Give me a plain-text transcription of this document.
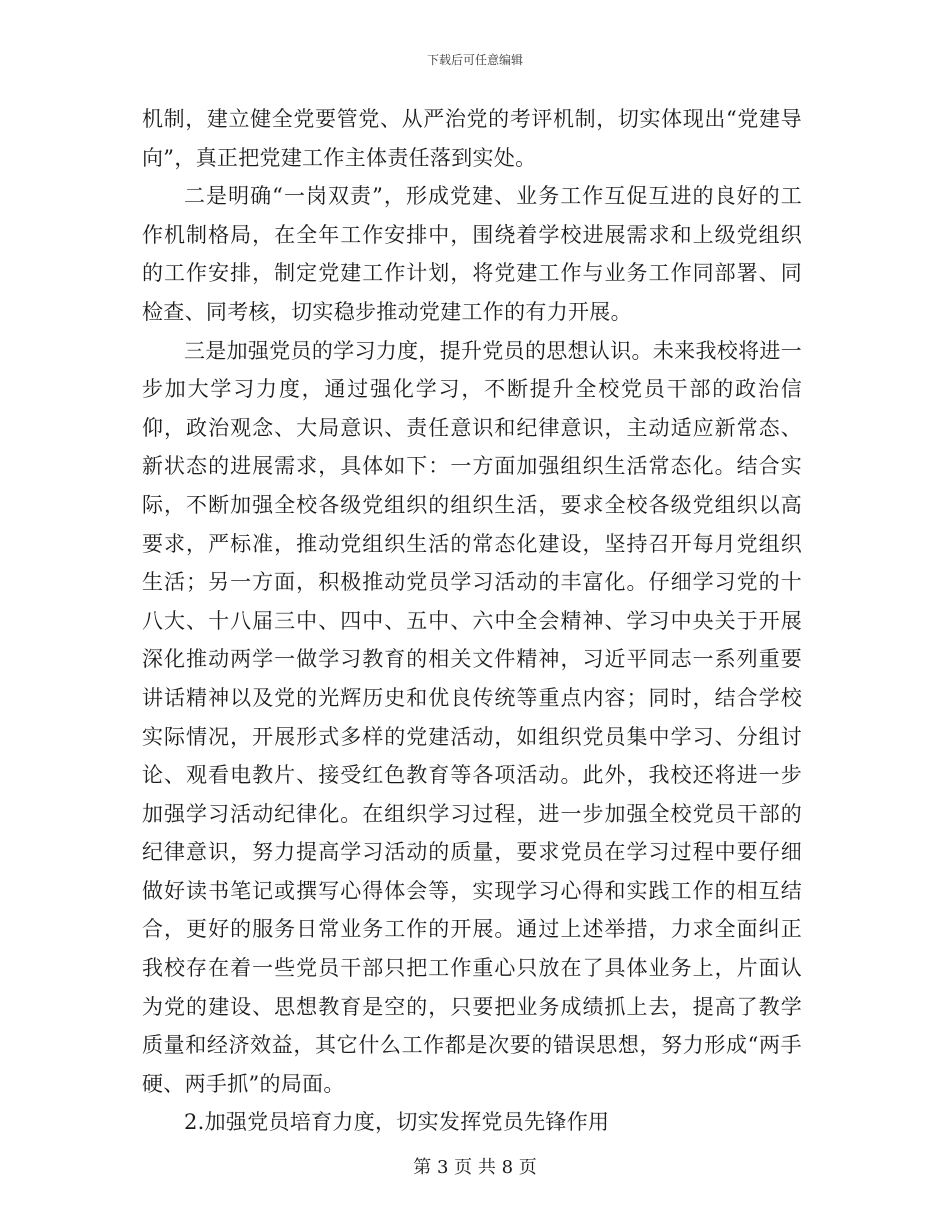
下载后可任意编辑

机制，建立健全党要管党、从严治党的考评机制，切实体现出“党建导向”，真正把党建工作主体责任落到实处。

二是明确“一岗双责”，形成党建、业务工作互促互进的良好的工作机制格局，在全年工作安排中，围绕着学校进展需求和上级党组织的工作安排，制定党建工作计划，将党建工作与业务工作同部署、同检查、同考核，切实稳步推动党建工作的有力开展。

三是加强党员的学习力度，提升党员的思想认识。未来我校将进一步加大学习力度，通过强化学习，不断提升全校党员干部的政治信仰，政治观念、大局意识、责任意识和纪律意识，主动适应新常态、新状态的进展需求，具体如下：一方面加强组织生活常态化。结合实际，不断加强全校各级党组织的组织生活，要求全校各级党组织以高要求，严标准，推动党组织生活的常态化建设，坚持召开每月党组织生活；另一方面，积极推动党员学习活动的丰富化。仔细学习党的十八大、十八届三中、四中、五中、六中全会精神、学习中央关于开展深化推动两学一做学习教育的相关文件精神，习近平同志一系列重要讲话精神以及党的光辉历史和优良传统等重点内容；同时，结合学校实际情况，开展形式多样的党建活动，如组织党员集中学习、分组讨论、观看电教片、接受红色教育等各项活动。此外，我校还将进一步加强学习活动纪律化。在组织学习过程，进一步加强全校党员干部的纪律意识，努力提高学习活动的质量，要求党员在学习过程中要仔细做好读书笔记或撰写心得体会等，实现学习心得和实践工作的相互结合，更好的服务日常业务工作的开展。通过上述举措，力求全面纠正我校存在着一些党员干部只把工作重心只放在了具体业务上，片面认为党的建设、思想教育是空的，只要把业务成绩抓上去，提高了教学质量和经济效益，其它什么工作都是次要的错误思想，努力形成“两手硬、两手抓”的局面。

2.加强党员培育力度，切实发挥党员先锋作用

第 3 页 共 8 页
